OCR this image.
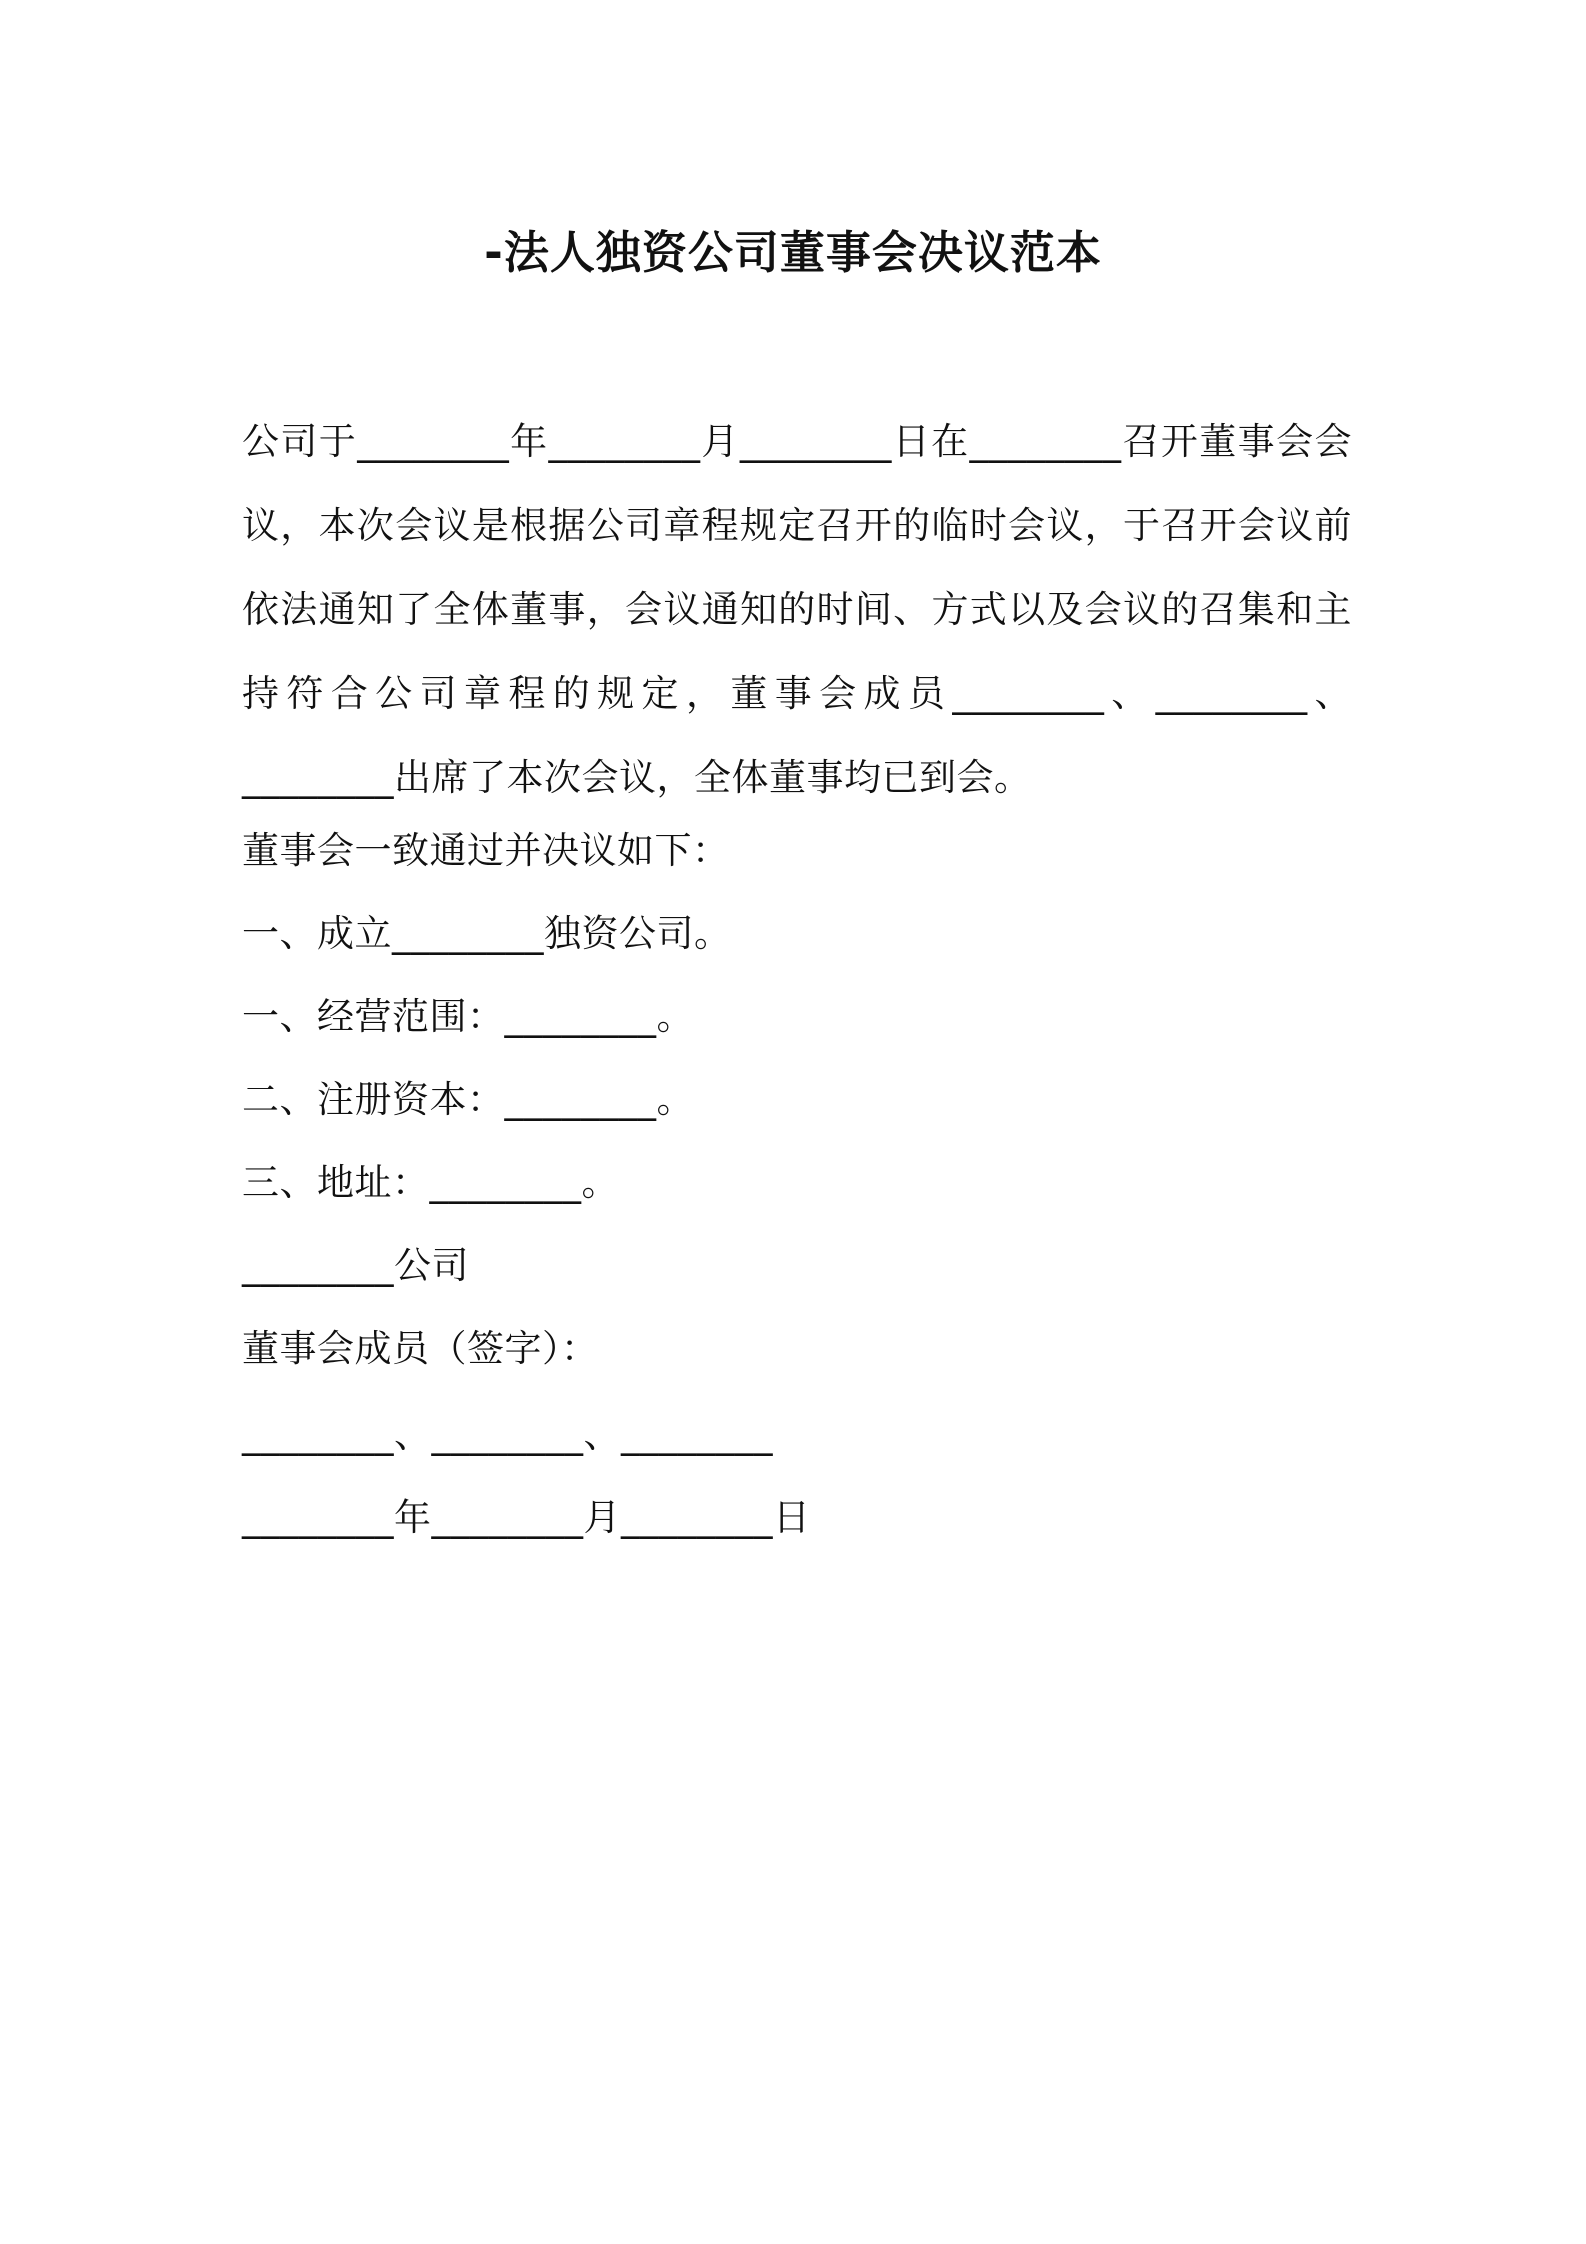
-法人独资公司董事会决议范本
公司于________年________月________日在________召开董事会会议，本次会议是根据公司章程规定召开的临时会议，于召开会议前依法通知了全体董事，会议通知的时间、方式以及会议的召集和主持符合公司章程的规定，董事会成员________、________、________出席了本次会议，全体董事均已到会。
董事会一致通过并决议如下：
一、成立________独资公司。
一、经营范围：________。
二、注册资本：________。
三、地址：________。
________公司
董事会成员（签字）：
________、________、________
________年________月________日
